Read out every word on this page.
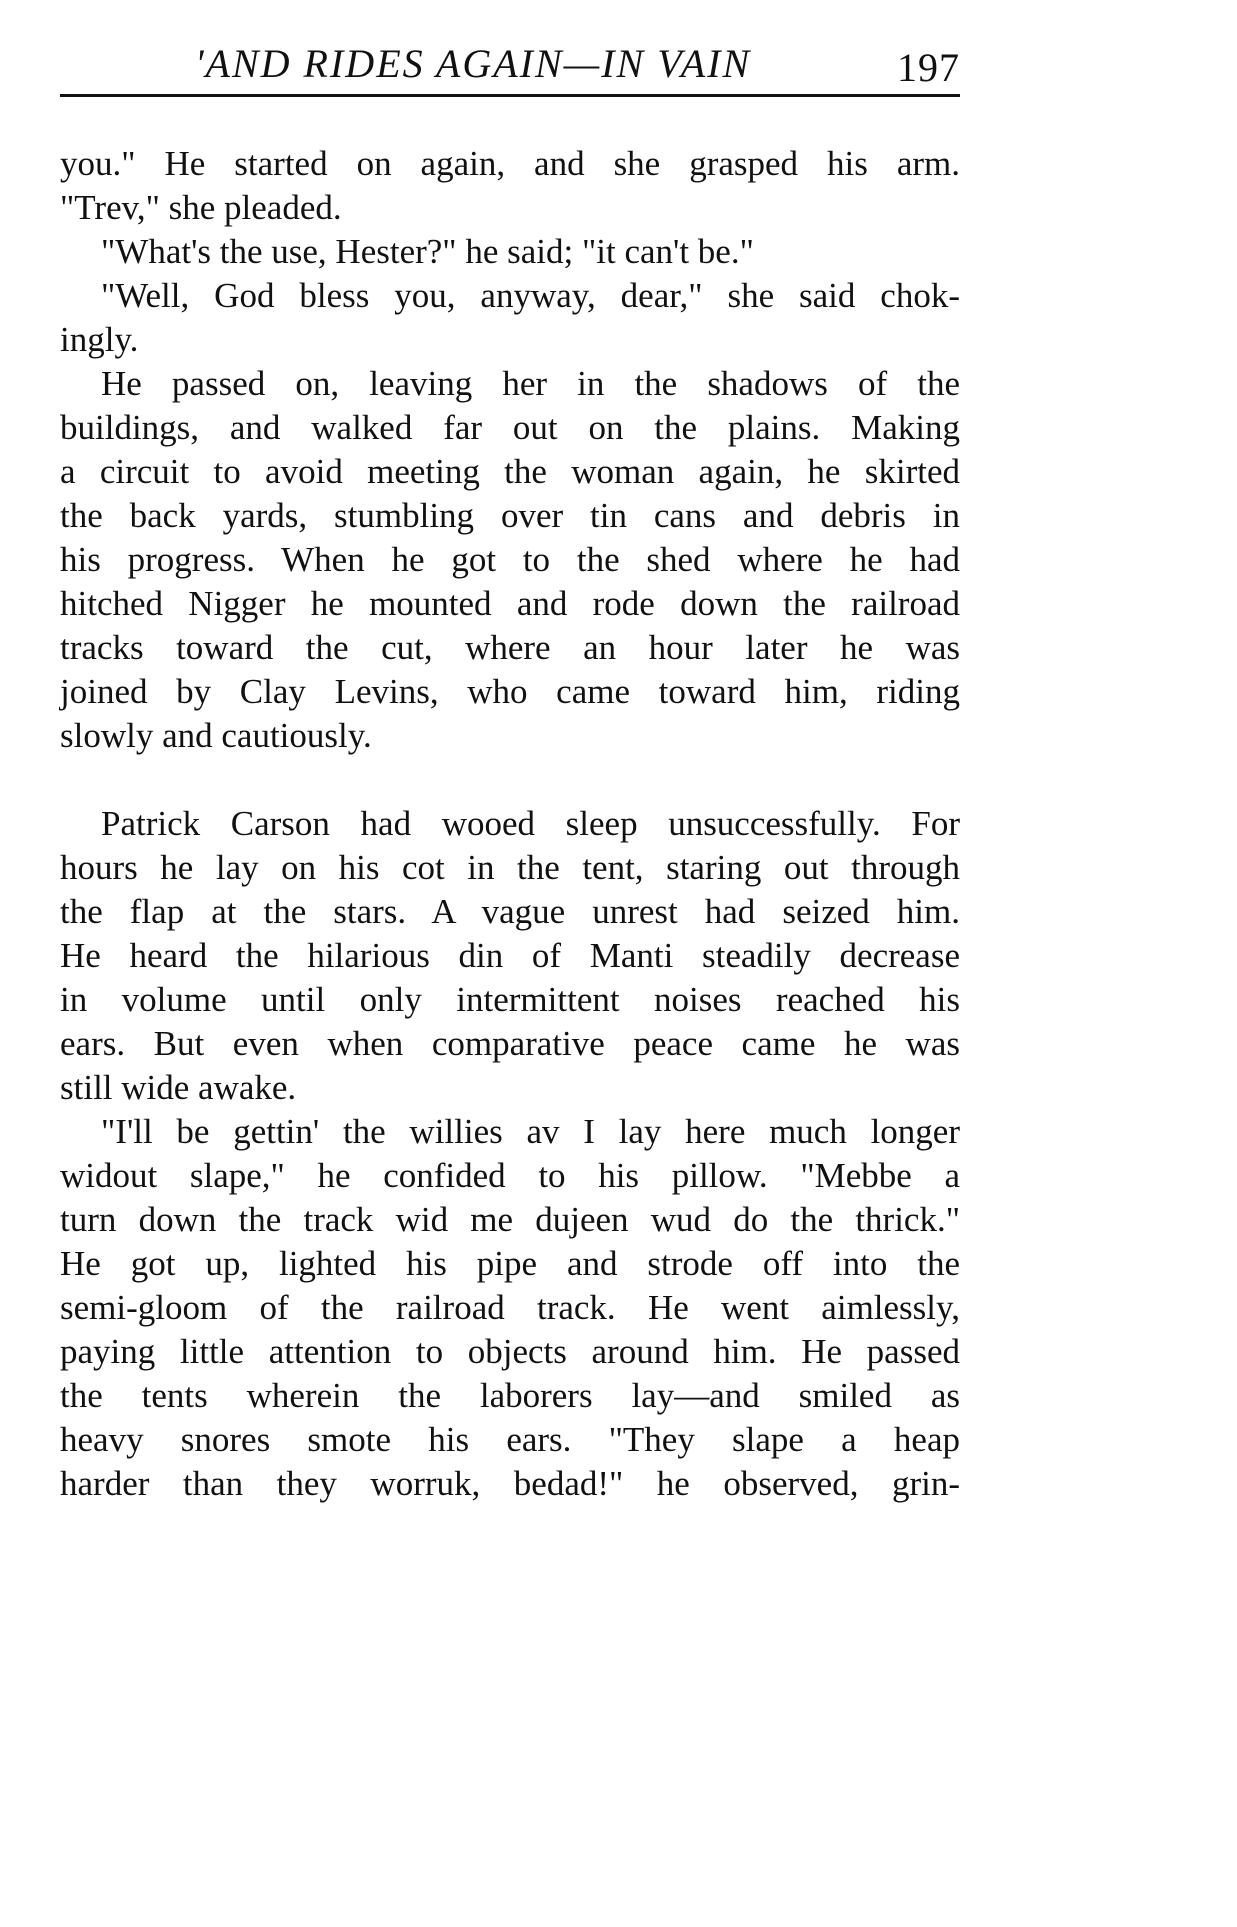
'AND RIDES AGAIN—IN VAIN	197
you." He started on again, and she grasped his arm.
"Trev," she pleaded.
"What's the use, Hester?" he said; "it can't be."
"Well, God bless you, anyway, dear," she said chok-
ingly.
He passed on, leaving her in the shadows of the
buildings, and walked far out on the plains. Making
a circuit to avoid meeting the woman again, he skirted
the back yards, stumbling over tin cans and debris in
his progress. When he got to the shed where he had
hitched Nigger he mounted and rode down the railroad
tracks toward the cut, where an hour later he was
joined by Clay Levins, who came toward him, riding
slowly and cautiously.
Patrick Carson had wooed sleep unsuccessfully. For
hours he lay on his cot in the tent, staring out through
the flap at the stars. A vague unrest had seized him.
He heard the hilarious din of Manti steadily decrease
in volume until only intermittent noises reached his
ears. But even when comparative peace came he was
still wide awake.
"I'll be gettin' the willies av I lay here much longer
widout slape," he confided to his pillow. "Mebbe a
turn down the track wid me dujeen wud do the thrick."
He got up, lighted his pipe and strode off into the
semi-gloom of the railroad track. He went aimlessly,
paying little attention to objects around him. He passed
the tents wherein the laborers lay—and smiled as
heavy snores smote his ears. "They slape a heap
harder than they worruk, bedad!" he observed, grin-
